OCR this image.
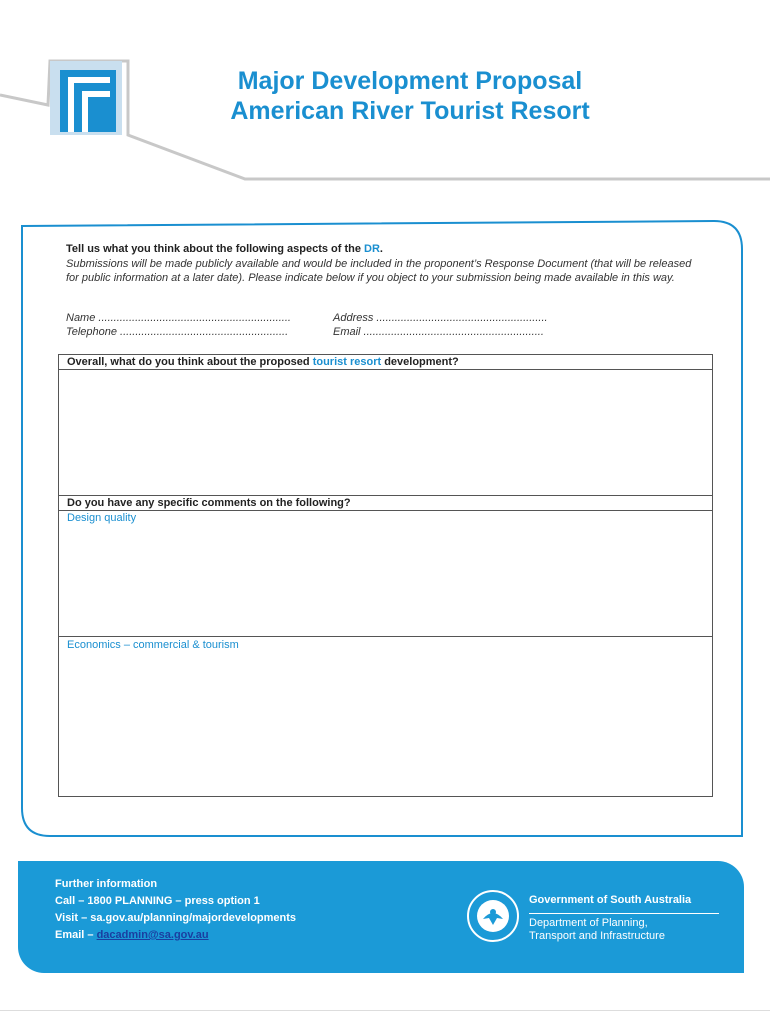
Major Development Proposal
American River Tourist Resort
Tell us what you think about the following aspects of the DR.
Submissions will be made publicly available and would be included in the proponent’s Response Document (that will be released for public information at a later date). Please indicate below if you object to your submission being made available in this way.
Name ...............................................................	Address ........................................................
Telephone .......................................................	Email ...........................................................
Overall, what do you think about the proposed tourist resort development?
Do you have any specific comments on the following?
Design quality
Economics – commercial & tourism
Further information
Call – 1800 PLANNING – press option 1
Visit – sa.gov.au/planning/majordevelopments
Email – dacadmin@sa.gov.au
Government of South Australia
Department of Planning,
Transport and Infrastructure
